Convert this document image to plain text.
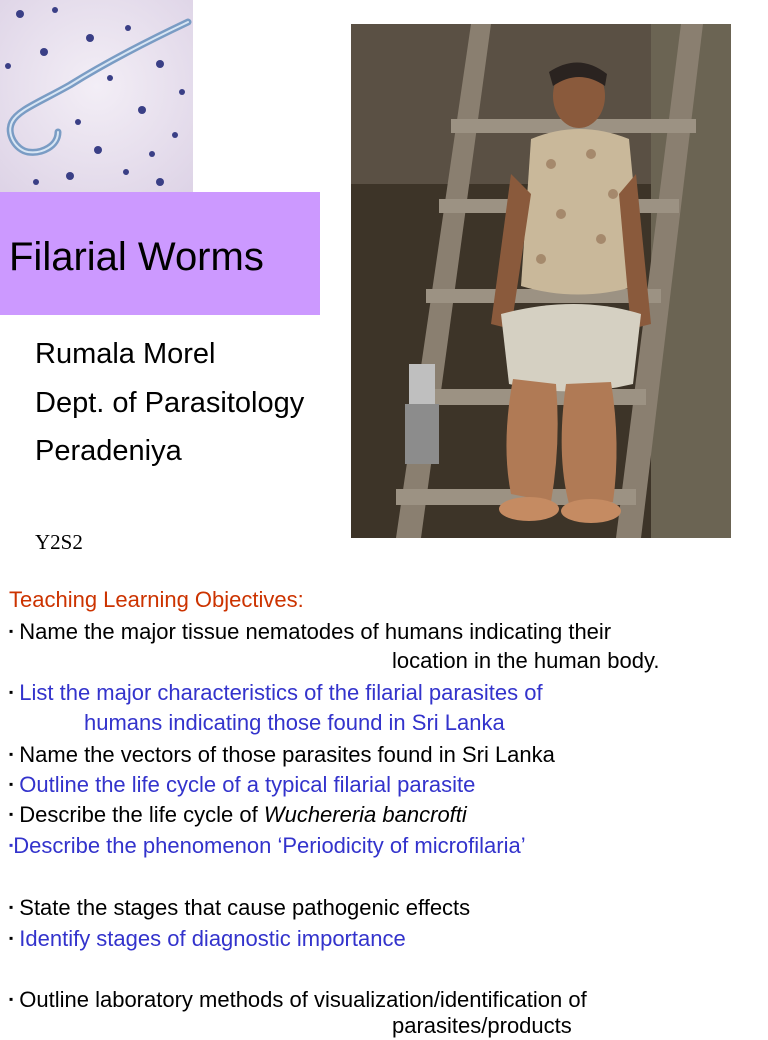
Filarial Worms
Rumala Morel
Dept. of Parasitology
Peradeniya
Y2S2
Teaching Learning Objectives:
▪ Name the major tissue nematodes of humans indicating their
location in the human body.
▪ List the major characteristics of the filarial parasites of
humans indicating those found in Sri Lanka
▪ Name the vectors of those parasites found in Sri Lanka
▪ Outline the life cycle of a typical filarial parasite
▪ Describe the life cycle of Wuchereria bancrofti
▪Describe the phenomenon ‘Periodicity of microfilaria’
▪ State the stages that cause pathogenic effects
▪ Identify stages of diagnostic importance
▪ Outline laboratory methods of visualization/identification of
parasites/products
